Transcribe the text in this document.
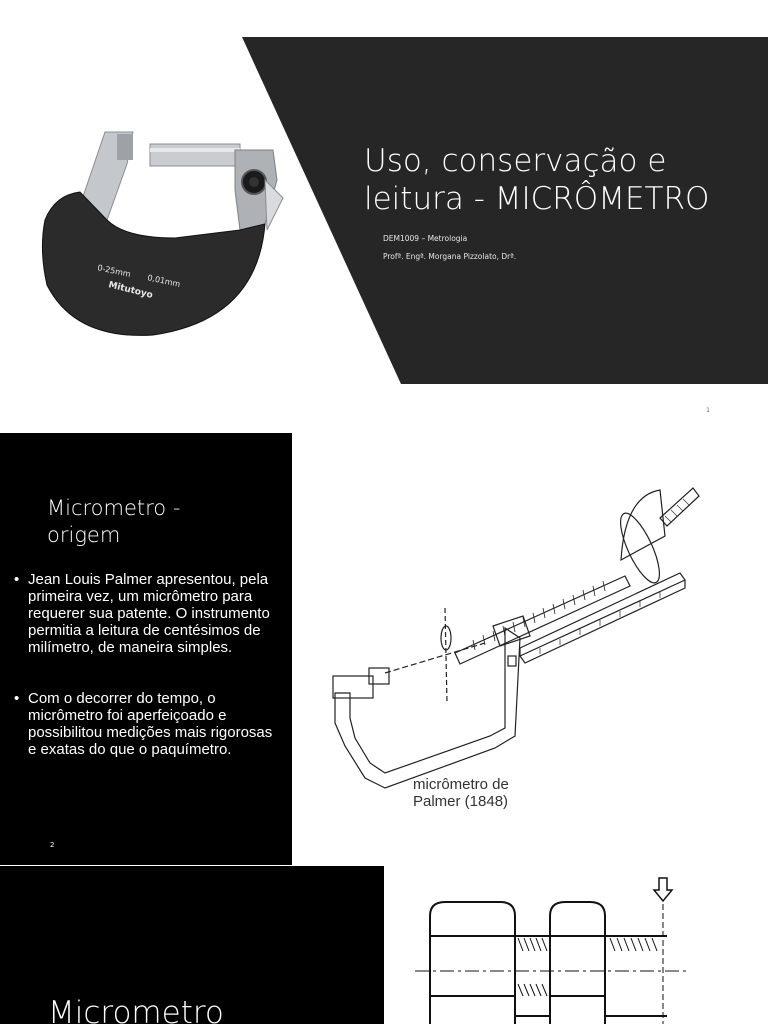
0-25mm
0,01mm
Mitutoyo
Uso, conservação e
leitura - MICRÔMETRO
DEM1009 – Metrologia
Profª. Engª. Morgana Pizzolato, Drª.
1
Micrometro -
origem
• Jean Louis Palmer apresentou, pela primeira vez, um micrômetro para requerer sua patente. O instrumento permitia a leitura de centésimos de milímetro, de maneira simples.
• Com o decorrer do tempo, o micrômetro foi aperfeiçoado e possibilitou medições mais rigorosas e exatas do que o paquímetro.
2
micrômetro de
Palmer (1848)
Micrometro
